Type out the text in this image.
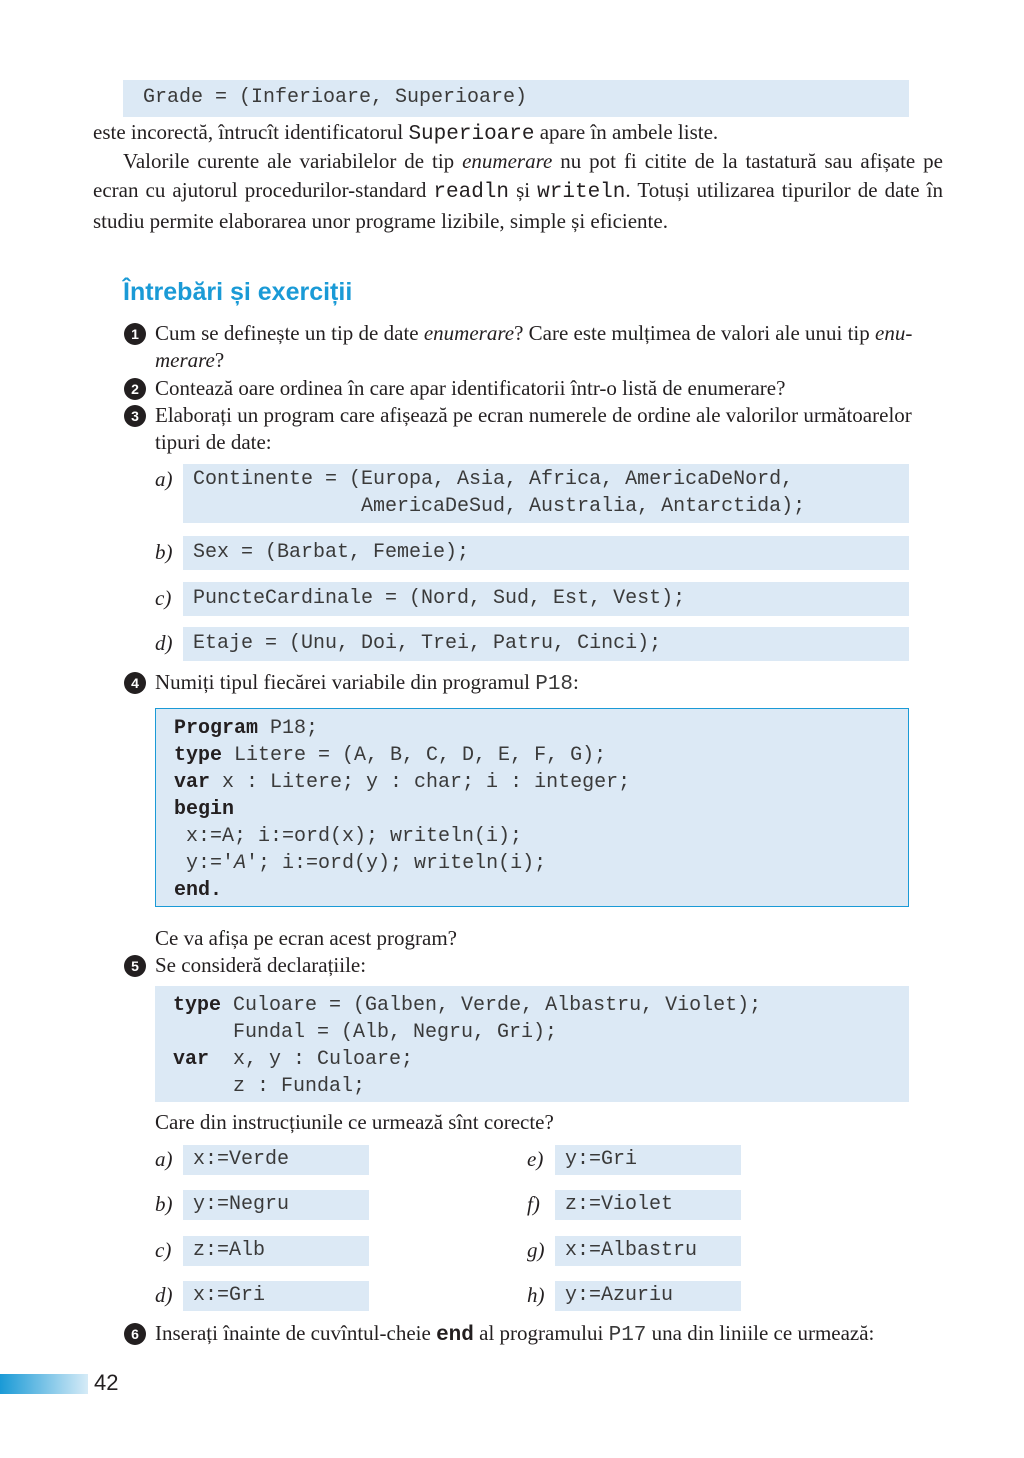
Grade = (Inferioare, Superioare)
este incorectă, întrucît identificatorul Superioare apare în ambele liste.
Valorile curente ale variabilelor de tip enumerare nu pot fi citite de la tastatură sau afișate pe ecran cu ajutorul procedurilor-standard readln și writeln. Totuși utilizarea tipurilor de date în studiu permite elaborarea unor programe lizibile, simple și eficiente.
Întrebări și exerciții
1 Cum se definește un tip de date enumerare? Care este mulțimea de valori ale unui tip enu-
merare?
2 Contează oare ordinea în care apar identificatorii într-o listă de enumerare?
3 Elaborați un program care afișează pe ecran numerele de ordine ale valorilor următoarelor
tipuri de date:
a)	Continente = (Europa, Asia, Africa, AmericaDeNord,
AmericaDeSud, Australia, Antarctida);
b)	Sex = (Barbat, Femeie);
c)	PuncteCardinale = (Nord, Sud, Est, Vest);
d)	Etaje = (Unu, Doi, Trei, Patru, Cinci);
4 Numiți tipul fiecărei variabile din programul P18:
Program P18;
type Litere = (A, B, C, D, E, F, G);
var x : Litere; y : char; i : integer;
begin
x:=A; i:=ord(x); writeln(i);
y:='A'; i:=ord(y); writeln(i);
end.
Ce va afișa pe ecran acest program?
5 Se consideră declarațiile:
type Culoare = (Galben, Verde, Albastru, Violet);
Fundal = (Alb, Negru, Gri);
var  x, y : Culoare;
z : Fundal;
Care din instrucțiunile ce urmează sînt corecte?
a)	x:=Verde
b)	y:=Negru
c)	z:=Alb
d)	x:=Gri
e)	y:=Gri
f)	z:=Violet
g)	x:=Albastru
h)	y:=Azuriu
6 Inserați înainte de cuvîntul-cheie end al programului P17 una din liniile ce urmează:
42
